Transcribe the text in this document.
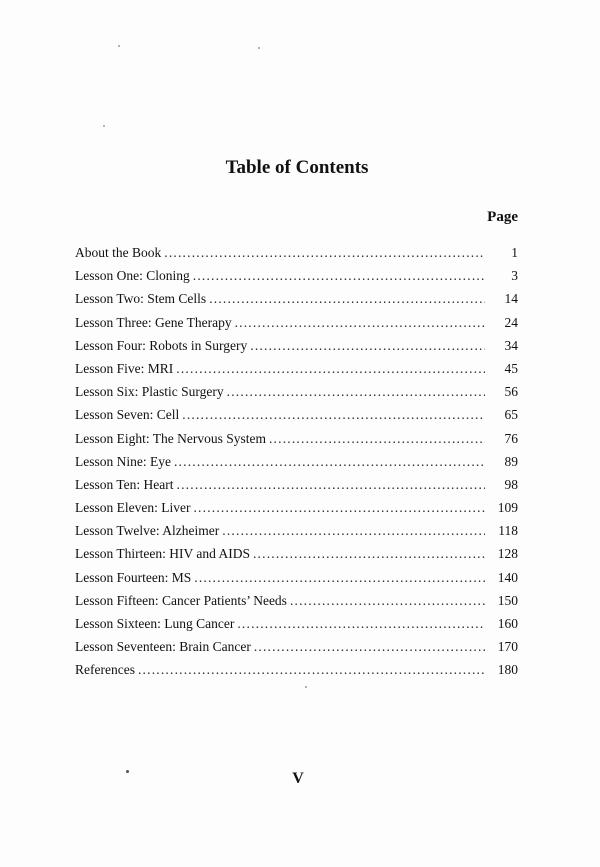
Table of Contents
Page
About the Book .....	1
Lesson One: Cloning .....	3
Lesson Two: Stem Cells .....	14
Lesson Three: Gene Therapy .....	24
Lesson Four: Robots in Surgery .....	34
Lesson Five: MRI .....	45
Lesson Six: Plastic Surgery .....	56
Lesson Seven: Cell .....	65
Lesson Eight: The Nervous System .....	76
Lesson Nine: Eye .....	89
Lesson Ten: Heart .....	98
Lesson Eleven: Liver .....	109
Lesson Twelve: Alzheimer .....	118
Lesson Thirteen: HIV and AIDS .....	128
Lesson Fourteen: MS .....	140
Lesson Fifteen: Cancer Patients’ Needs .....	150
Lesson Sixteen: Lung Cancer .....	160
Lesson Seventeen: Brain Cancer .....	170
References .....	180
V
